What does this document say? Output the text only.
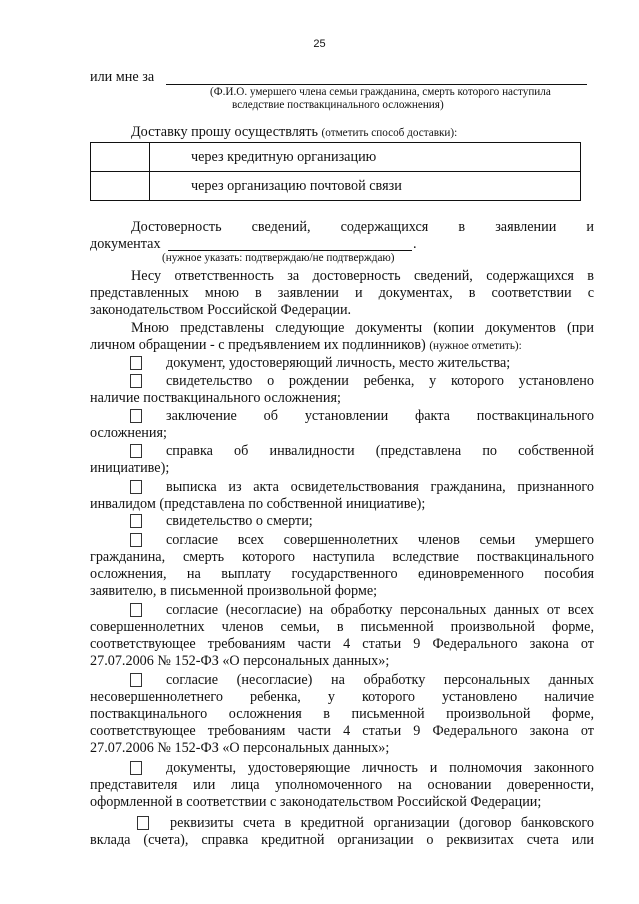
25
или мне за
(Ф.И.О. умершего члена семьи гражданина, смерть которого наступила
вследствие поствакцинального осложнения)
Доставку прошу осуществлять (отметить способ доставки):
через кредитную организацию
через организацию почтовой связи
Достоверность сведений, содержащихся в заявлении и
документах	.
(нужное указать: подтверждаю/не подтверждаю)
Несу ответственность за достоверность сведений, содержащихся в
представленных мною в заявлении и документах, в соответствии с
законодательством Российской Федерации.
Мною представлены следующие документы (копии документов (при
личном обращении - с предъявлением их подлинников) (нужное отметить):
документ, удостоверяющий личность, место жительства;
свидетельство о рождении ребенка, у которого установлено
наличие поствакцинального осложнения;
заключение об установлении факта поствакцинального
осложнения;
справка об инвалидности (представлена по собственной
инициативе);
выписка из акта освидетельствования гражданина, признанного
инвалидом (представлена по собственной инициативе);
свидетельство о смерти;
согласие всех совершеннолетних членов семьи умершего
гражданина, смерть которого наступила вследствие поствакцинального
осложнения, на выплату государственного единовременного пособия
заявителю, в письменной произвольной форме;
согласие (несогласие) на обработку персональных данных от всех
совершеннолетних членов семьи, в письменной произвольной форме,
соответствующее требованиям части 4 статьи 9 Федерального закона от
27.07.2006 № 152-ФЗ «О персональных данных»;
согласие (несогласие) на обработку персональных данных
несовершеннолетнего ребенка, у которого установлено наличие
поствакцинального осложнения в письменной произвольной форме,
соответствующее требованиям части 4 статьи 9 Федерального закона от
27.07.2006 № 152-ФЗ «О персональных данных»;
документы, удостоверяющие личность и полномочия законного
представителя или лица уполномоченного на основании доверенности,
оформленной в соответствии с законодательством Российской Федерации;
реквизиты счета в кредитной организации (договор банковского
вклада (счета), справка кредитной организации о реквизитах счета или
